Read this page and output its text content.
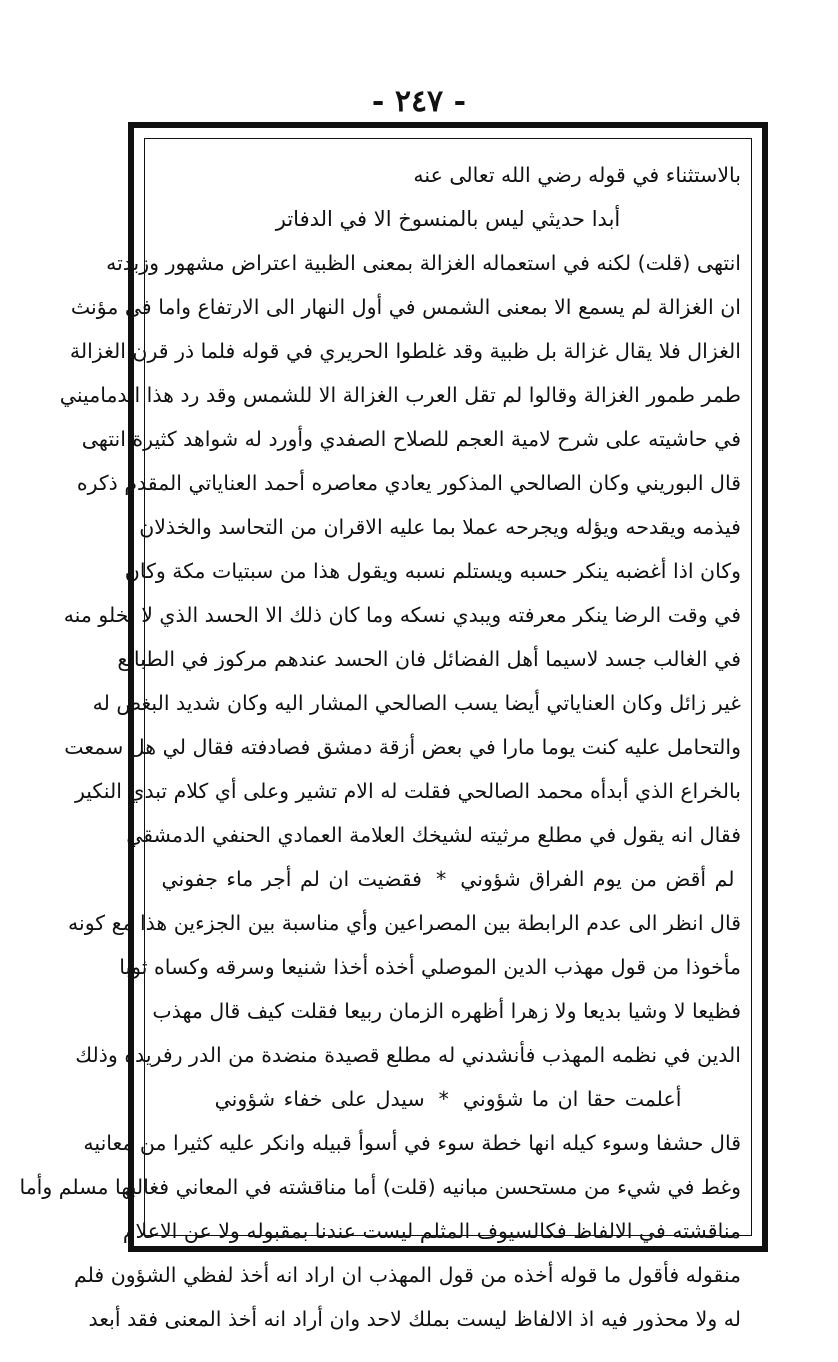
- ٢٤٧ -
بالاستثناء في قوله رضي الله تعالى عنه
أبدا حديثي ليس بالمنسوخ الا في الدفاتر
انتهى (قلت) لكنه في استعماله الغزالة بمعنى الظبية اعتراض مشهور وزبدته
ان الغزالة لم يسمع الا بمعنى الشمس في أول النهار الى الارتفاع واما في مؤنث
الغزال فلا يقال غزالة بل ظبية وقد غلطوا الحريري في قوله فلما ذر قرن الغزالة
طمر طمور الغزالة وقالوا لم تقل العرب الغزالة الا للشمس وقد رد هذا الدماميني
في حاشيته على شرح لامية العجم للصلاح الصفدي وأورد له شواهد كثيرة انتهى
قال البوريني وكان الصالحي المذكور يعادي معاصره أحمد العناياتي المقدم ذكره
فيذمه ويقدحه ويؤله ويجرحه عملا بما عليه الاقران من التحاسد والخذلان
وكان اذا أغضبه ينكر حسبه ويستلم نسبه ويقول هذا من سبتيات مكة وكان
في وقت الرضا ينكر معرفته ويبدي نسكه وما كان ذلك الا الحسد الذي لا يخلو منه
في الغالب جسد لاسيما أهل الفضائل فان الحسد عندهم مركوز في الطبائع
غير زائل وكان العناياتي أيضا يسب الصالحي المشار اليه وكان شديد البغض له
والتحامل عليه كنت يوما مارا في بعض أزقة دمشق فصادفته فقال لي هل سمعت
بالخراع الذي أبدأه محمد الصالحي فقلت له الام تشير وعلى أي كلام تبدي النكير
فقال انه يقول في مطلع مرثيته لشيخك العلامة العمادي الحنفي الدمشقي
لم أقض من يوم الفراق شؤوني*فقضيت ان لم أجر ماء جفوني
قال انظر الى عدم الرابطة بين المصراعين وأي مناسبة بين الجزءين هذا مع كونه
مأخوذا من قول مهذب الدين الموصلي أخذه أخذا شنيعا وسرقه وكساه ثوبا
فظيعا لا وشيا بديعا ولا زهرا أظهره الزمان ربيعا فقلت كيف قال مهذب
الدين في نظمه المهذب فأنشدني له مطلع قصيدة منضدة من الدر رفريده وذلك
أعلمت حقا ان ما شؤوني*سيدل على خفاء شؤوني
قال حشفا وسوء كيله انها خطة سوء في أسوأ قبيله وانكر عليه كثيرا من معانيه
وغط في شيء من مستحسن مبانيه (قلت) أما مناقشته في المعاني فغالبها مسلم وأما
مناقشته في الالفاظ فكالسيوف المثلم ليست عندنا بمقبوله ولا عن الاعلام
منقوله فأقول ما قوله أخذه من قول المهذب ان اراد انه أخذ لفظي الشؤون فلم
له ولا محذور فيه اذ الالفاظ ليست بملك لاحد وان أراد انه أخذ المعنى فقد أبعد
